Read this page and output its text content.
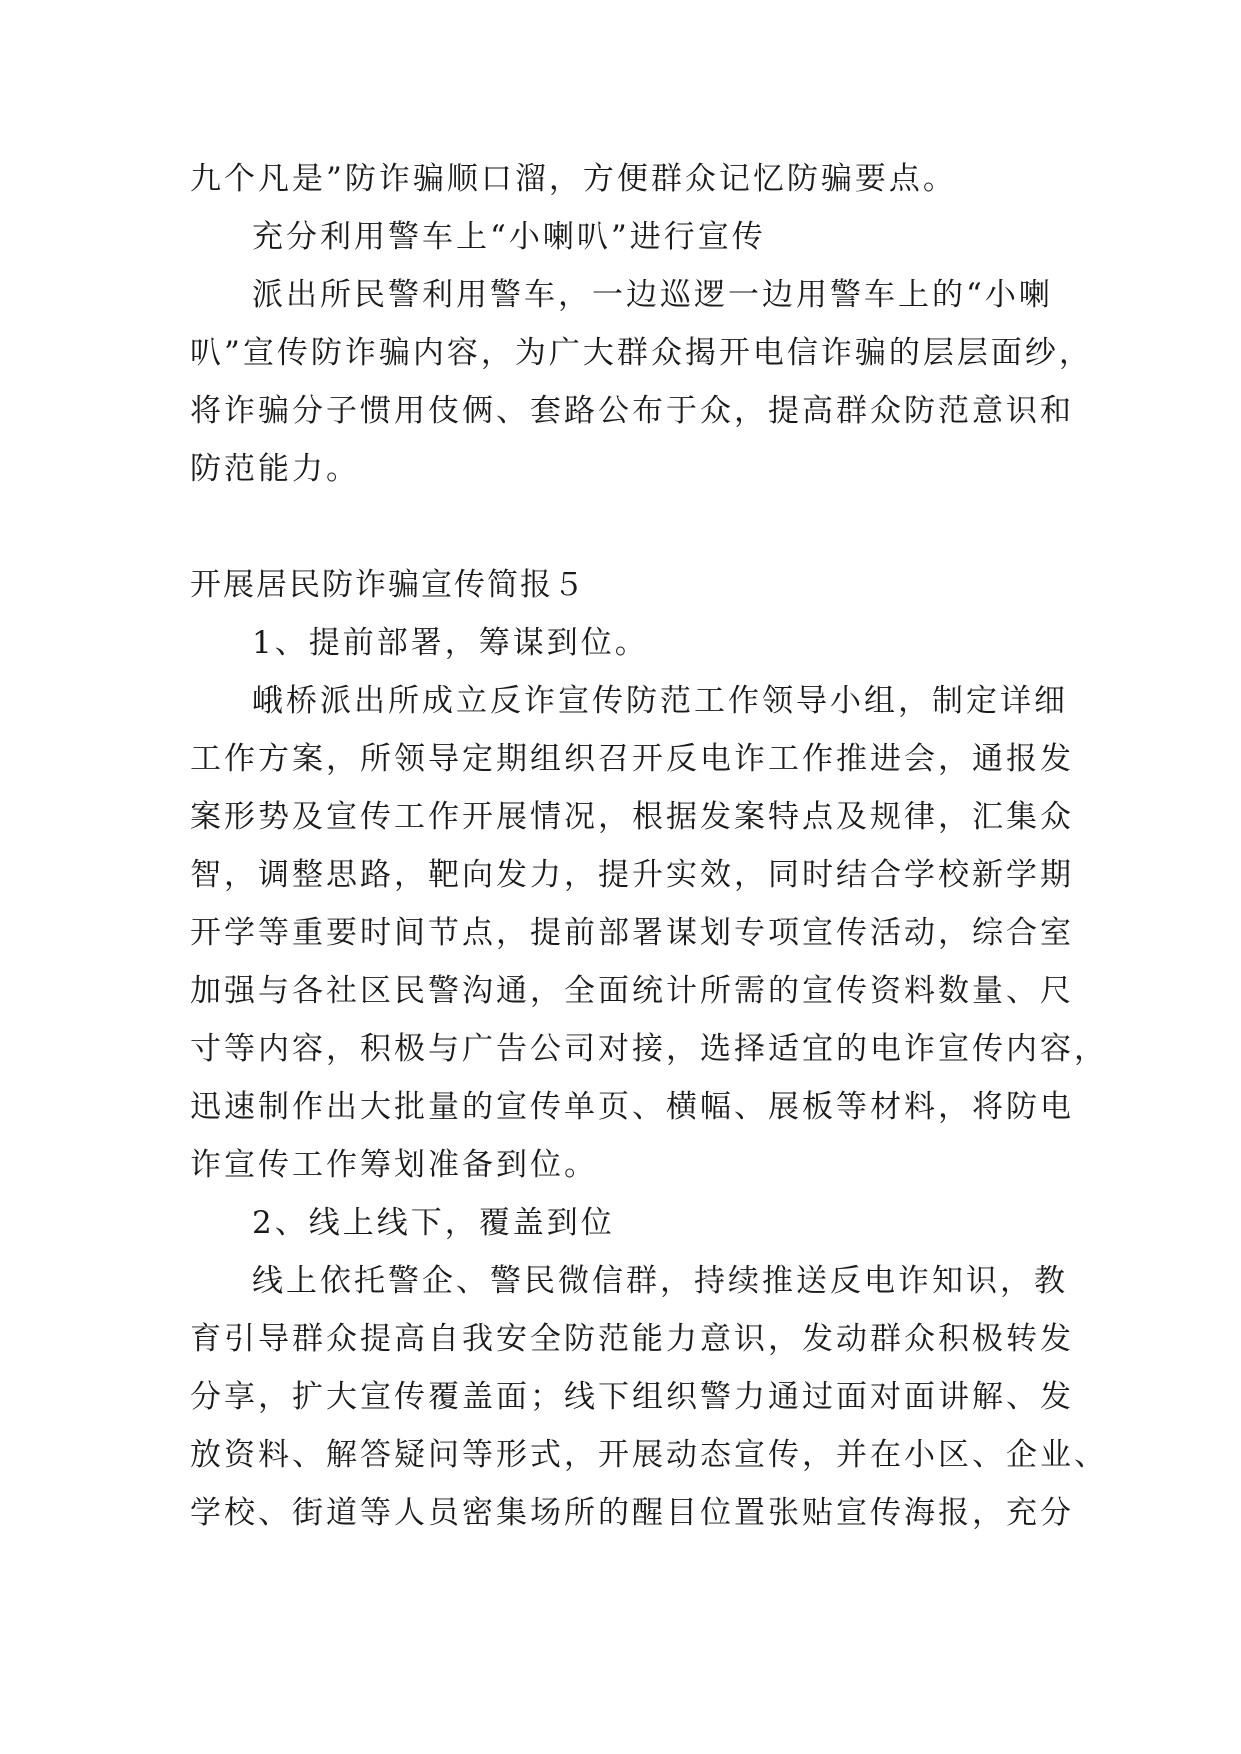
九个凡是”防诈骗顺口溜，方便群众记忆防骗要点。
充分利用警车上“小喇叭”进行宣传
派出所民警利用警车，一边巡逻一边用警车上的“小喇
叭”宣传防诈骗内容，为广大群众揭开电信诈骗的层层面纱，
将诈骗分子惯用伎俩、套路公布于众，提高群众防范意识和
防范能力。
开展居民防诈骗宣传简报５
1、提前部署，筹谋到位。
峨桥派出所成立反诈宣传防范工作领导小组，制定详细
工作方案，所领导定期组织召开反电诈工作推进会，通报发
案形势及宣传工作开展情况，根据发案特点及规律，汇集众
智，调整思路，靶向发力，提升实效，同时结合学校新学期
开学等重要时间节点，提前部署谋划专项宣传活动，综合室
加强与各社区民警沟通，全面统计所需的宣传资料数量、尺
寸等内容，积极与广告公司对接，选择适宜的电诈宣传内容，
迅速制作出大批量的宣传单页、横幅、展板等材料，将防电
诈宣传工作筹划准备到位。
2、线上线下，覆盖到位
线上依托警企、警民微信群，持续推送反电诈知识，教
育引导群众提高自我安全防范能力意识，发动群众积极转发
分享，扩大宣传覆盖面；线下组织警力通过面对面讲解、发
放资料、解答疑问等形式，开展动态宣传，并在小区、企业、
学校、街道等人员密集场所的醒目位置张贴宣传海报，充分
